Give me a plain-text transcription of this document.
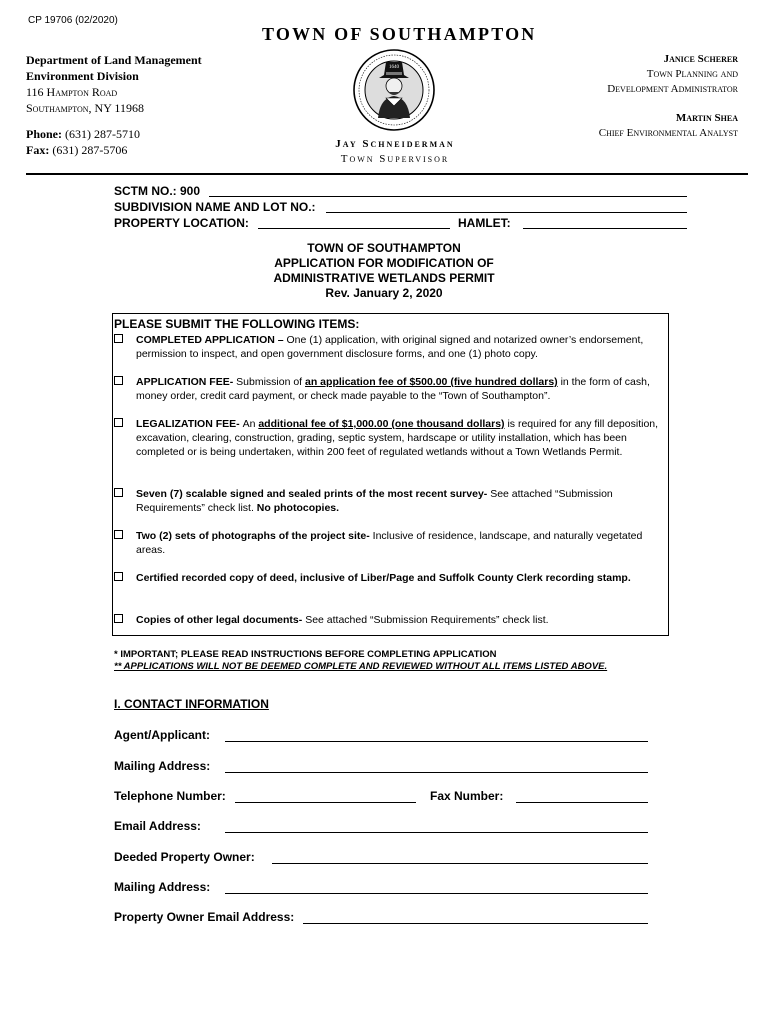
CP 19706 (02/2020)
TOWN OF SOUTHAMPTON
Department of Land Management
Environment Division
116 Hampton Road
Southampton, NY 11968
Phone: (631) 287-5710
Fax: (631) 287-5706
1640
Jay Schneiderman
Town Supervisor
Janice Scherer
Town Planning and
Development Administrator
Martin Shea
Chief Environmental Analyst
SCTM NO.: 900
SUBDIVISION NAME AND LOT NO.:
PROPERTY LOCATION:	HAMLET:
TOWN OF SOUTHAMPTON
APPLICATION FOR MODIFICATION OF
ADMINISTRATIVE WETLANDS PERMIT
Rev. January 2, 2020
PLEASE SUBMIT THE FOLLOWING ITEMS:
COMPLETED APPLICATION – One (1) application, with original signed and notarized owner’s endorsement, permission to inspect, and open government disclosure forms, and one (1) photo copy.
APPLICATION FEE- Submission of an application fee of $500.00 (five hundred dollars) in the form of cash, money order, credit card payment, or check made payable to the “Town of Southampton”.
LEGALIZATION FEE- An additional fee of $1,000.00 (one thousand dollars) is required for any fill deposition, excavation, clearing, construction, grading, septic system, hardscape or utility installation, which has been completed or is being undertaken, within 200 feet of regulated wetlands without a Town Wetlands Permit.
Seven (7) scalable signed and sealed prints of the most recent survey- See attached “Submission Requirements” check list. No photocopies.
Two (2) sets of photographs of the project site- Inclusive of residence, landscape, and naturally vegetated areas.
Certified recorded copy of deed, inclusive of Liber/Page and Suffolk County Clerk recording stamp.
Copies of other legal documents- See attached “Submission Requirements” check list.
* IMPORTANT; PLEASE READ INSTRUCTIONS BEFORE COMPLETING APPLICATION
** APPLICATIONS WILL NOT BE DEEMED COMPLETE AND REVIEWED WITHOUT ALL ITEMS LISTED ABOVE.
I. CONTACT INFORMATION
Agent/Applicant:
Mailing Address:
Telephone Number:	Fax Number:
Email Address:
Deeded Property Owner:
Mailing Address:
Property Owner Email Address:
